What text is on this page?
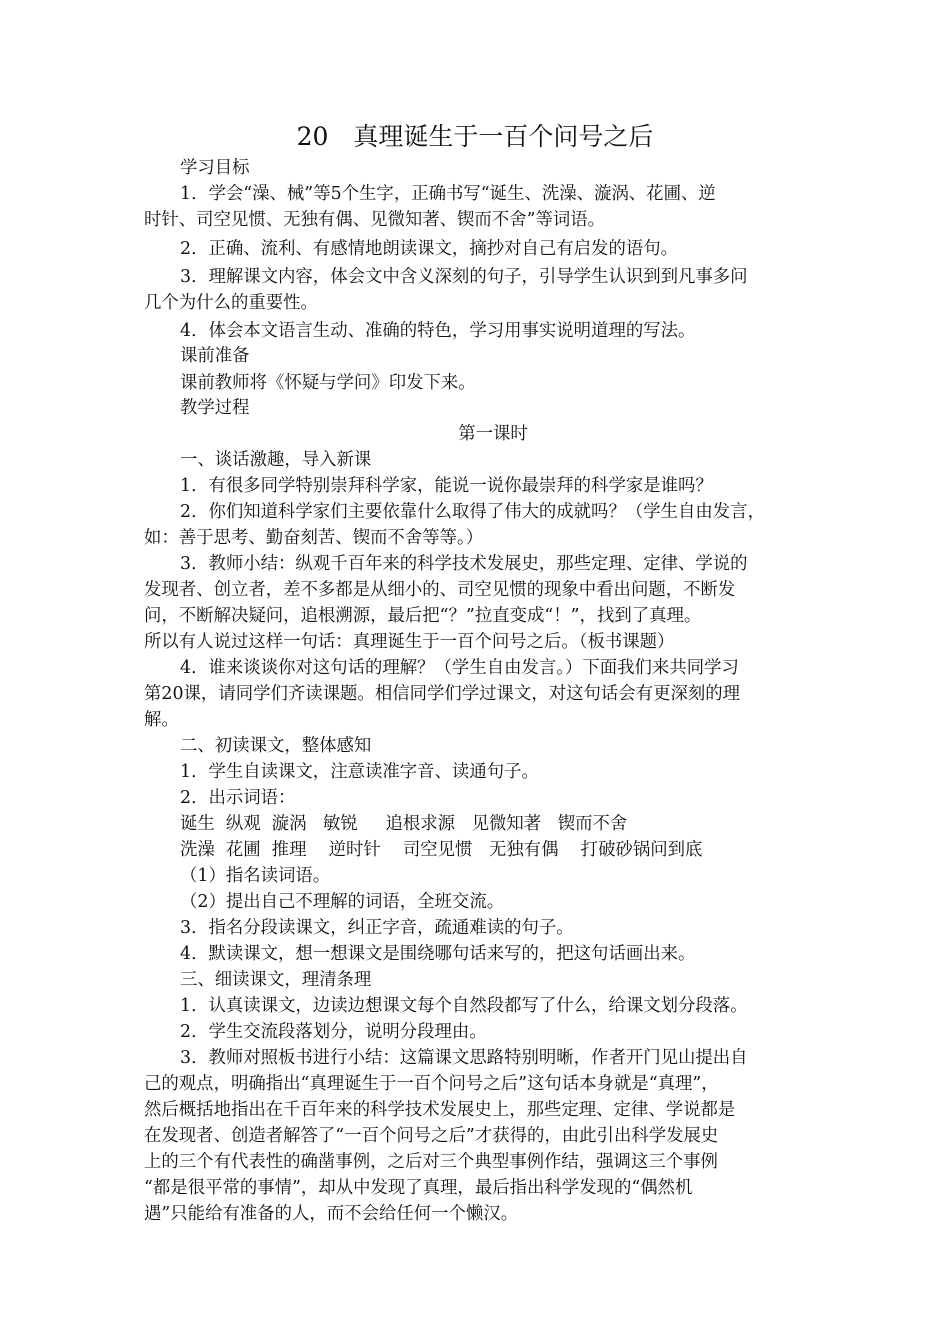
20　真理诞生于一百个问号之后
学习目标
1．学会“澡、械”等5个生字，正确书写“诞生、洗澡、漩涡、花圃、逆
时针、司空见惯、无独有偶、见微知著、锲而不舍”等词语。
2．正确、流利、有感情地朗读课文，摘抄对自己有启发的语句。
3．理解课文内容，体会文中含义深刻的句子，引导学生认识到到凡事多问
几个为什么的重要性。
4．体会本文语言生动、准确的特色，学习用事实说明道理的写法。
课前准备
课前教师将《怀疑与学问》印发下来。
教学过程
第一课时
一、谈话激趣，导入新课
1．有很多同学特别崇拜科学家，能说一说你最崇拜的科学家是谁吗？
2．你们知道科学家们主要依靠什么取得了伟大的成就吗？（学生自由发言，
如：善于思考、勤奋刻苦、锲而不舍等等。）
3．教师小结：纵观千百年来的科学技术发展史，那些定理、定律、学说的
发现者、创立者，差不多都是从细小的、司空见惯的现象中看出问题，不断发
问，不断解决疑问，追根溯源，最后把“？”拉直变成“！”，找到了真理。
所以有人说过这样一句话：真理诞生于一百个问号之后。（板书课题）
4．谁来谈谈你对这句话的理解？（学生自由发言。）下面我们来共同学习
第20课，请同学们齐读课题。相信同学们学过课文，对这句话会有更深刻的理
解。
二、初读课文，整体感知
1．学生自读课文，注意读准字音、读通句子。
2．出示词语：
诞生  纵观  漩涡   敏锐     追根求源   见微知著   锲而不舍
洗澡  花圃  推理    逆时针    司空见惯   无独有偶    打破砂锅问到底
（1）指名读词语。
（2）提出自己不理解的词语，全班交流。
3．指名分段读课文，纠正字音，疏通难读的句子。
4．默读课文，想一想课文是围绕哪句话来写的，把这句话画出来。
三、细读课文，理清条理
1．认真读课文，边读边想课文每个自然段都写了什么，给课文划分段落。
2．学生交流段落划分，说明分段理由。
3．教师对照板书进行小结：这篇课文思路特别明晰，作者开门见山提出自
己的观点，明确指出“真理诞生于一百个问号之后”这句话本身就是“真理”，
然后概括地指出在千百年来的科学技术发展史上，那些定理、定律、学说都是
在发现者、创造者解答了“一百个问号之后”才获得的，由此引出科学发展史
上的三个有代表性的确凿事例，之后对三个典型事例作结，强调这三个事例
“都是很平常的事情”，却从中发现了真理，最后指出科学发现的“偶然机
遇”只能给有准备的人，而不会给任何一个懒汉。
